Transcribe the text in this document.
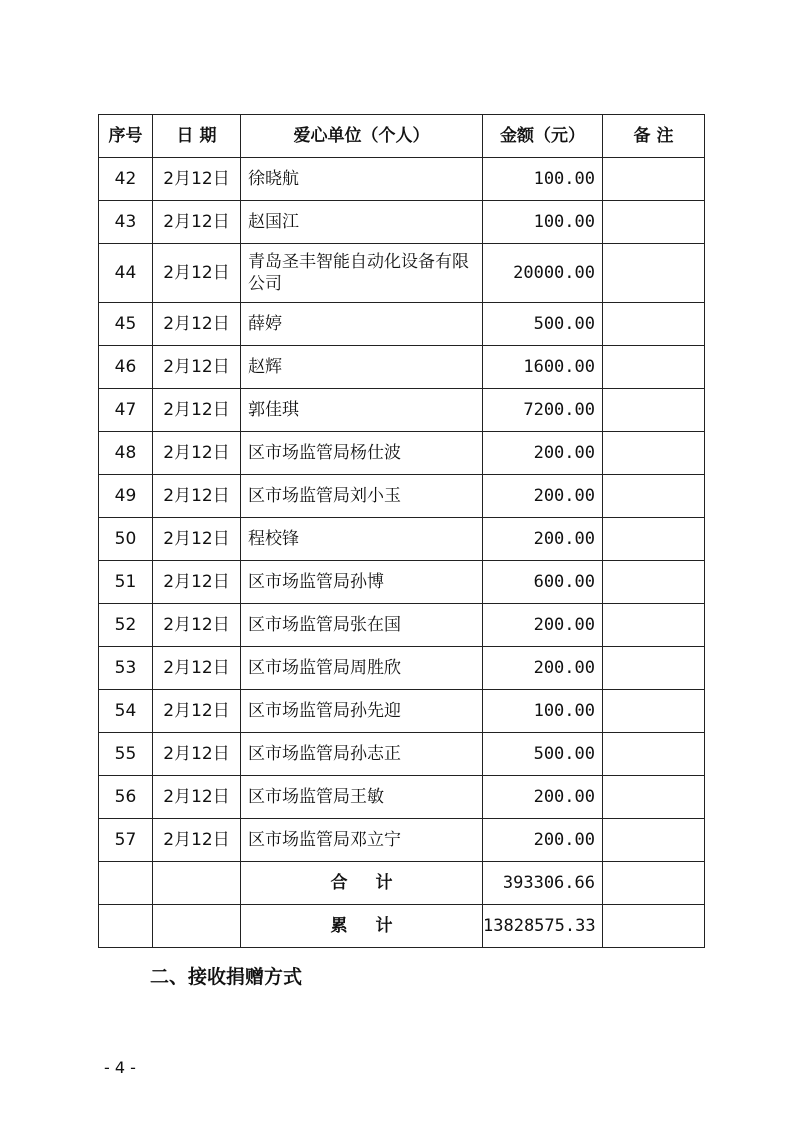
序号	日 期	爱心单位（个人）	金额（元）	备 注
42	2月12日	徐晓航	100.00	
43	2月12日	赵国江	100.00	
44	2月12日	青岛圣丰智能自动化设备有限公司	20000.00	
45	2月12日	薛婷	500.00	
46	2月12日	赵辉	1600.00	
47	2月12日	郭佳琪	7200.00	
48	2月12日	区市场监管局杨仕波	200.00	
49	2月12日	区市场监管局刘小玉	200.00	
50	2月12日	程校锋	200.00	
51	2月12日	区市场监管局孙博	600.00	
52	2月12日	区市场监管局张在国	200.00	
53	2月12日	区市场监管局周胜欣	200.00	
54	2月12日	区市场监管局孙先迎	100.00	
55	2月12日	区市场监管局孙志正	500.00	
56	2月12日	区市场监管局王敏	200.00	
57	2月12日	区市场监管局邓立宁	200.00	
		合计	393306.66	
		累计	13828575.33	
二、接收捐赠方式
- 4 -
